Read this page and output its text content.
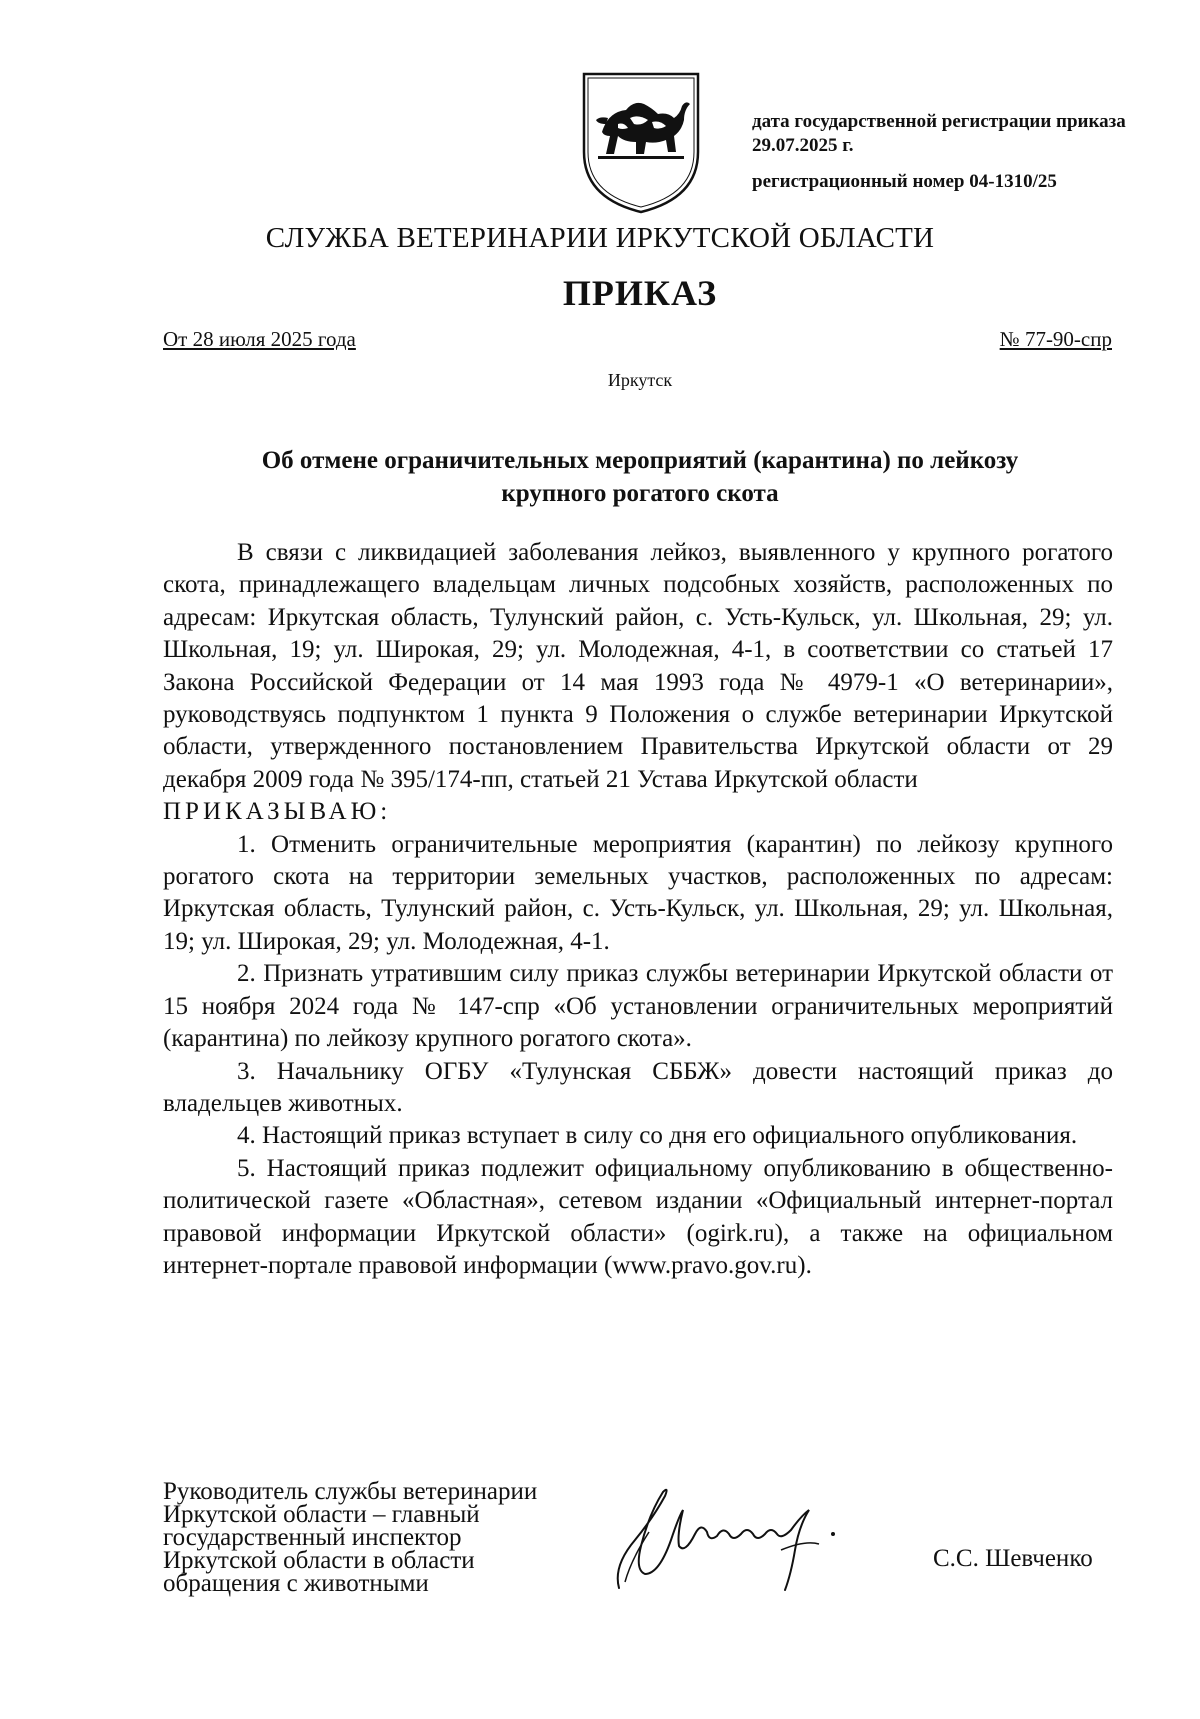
дата государственной регистрации приказа 29.07.2025 г.

регистрационный номер 04-1310/25

СЛУЖБА ВЕТЕРИНАРИИ ИРКУТСКОЙ ОБЛАСТИ
ПРИКАЗ
От 28 июля 2025 года	№ 77-90-спр
Иркутск
Об отмене ограничительных мероприятий (карантина) по лейкозу
крупного рогатого скота

В связи с ликвидацией заболевания лейкоз, выявленного у крупного рогатого скота, принадлежащего владельцам личных подсобных хозяйств, расположенных по адресам: Иркутская область, Тулунский район, с. Усть-Кульск, ул. Школьная, 29; ул. Школьная, 19; ул. Широкая, 29; ул. Молодежная, 4-1, в соответствии со статьей 17 Закона Российской Федерации от 14 мая 1993 года № 4979-1 «О ветеринарии», руководствуясь подпунктом 1 пункта 9 Положения о службе ветеринарии Иркутской области, утвержденного постановлением Правительства Иркутской области от 29 декабря 2009 года № 395/174-пп, статьей 21 Устава Иркутской области

ПРИКАЗЫВАЮ:

1. Отменить ограничительные мероприятия (карантин) по лейкозу крупного рогатого скота на территории земельных участков, расположенных по адресам: Иркутская область, Тулунский район, с. Усть-Кульск, ул. Школьная, 29; ул. Школьная, 19; ул. Широкая, 29; ул. Молодежная, 4-1.

2. Признать утратившим силу приказ службы ветеринарии Иркутской области от 15 ноября 2024 года № 147-спр «Об установлении ограничительных мероприятий (карантина) по лейкозу крупного рогатого скота».

3. Начальнику ОГБУ «Тулунская СББЖ» довести настоящий приказ до владельцев животных.

4. Настоящий приказ вступает в силу со дня его официального опубликования.

5. Настоящий приказ подлежит официальному опубликованию в общественно-политической газете «Областная», сетевом издании «Официальный интернет-портал правовой информации Иркутской области» (ogirk.ru), а также на официальном интернет-портале правовой информации (www.pravo.gov.ru).

Руководитель службы ветеринарии
Иркутской области – главный
государственный инспектор
Иркутской области в области
обращения с животными
С.С. Шевченко
